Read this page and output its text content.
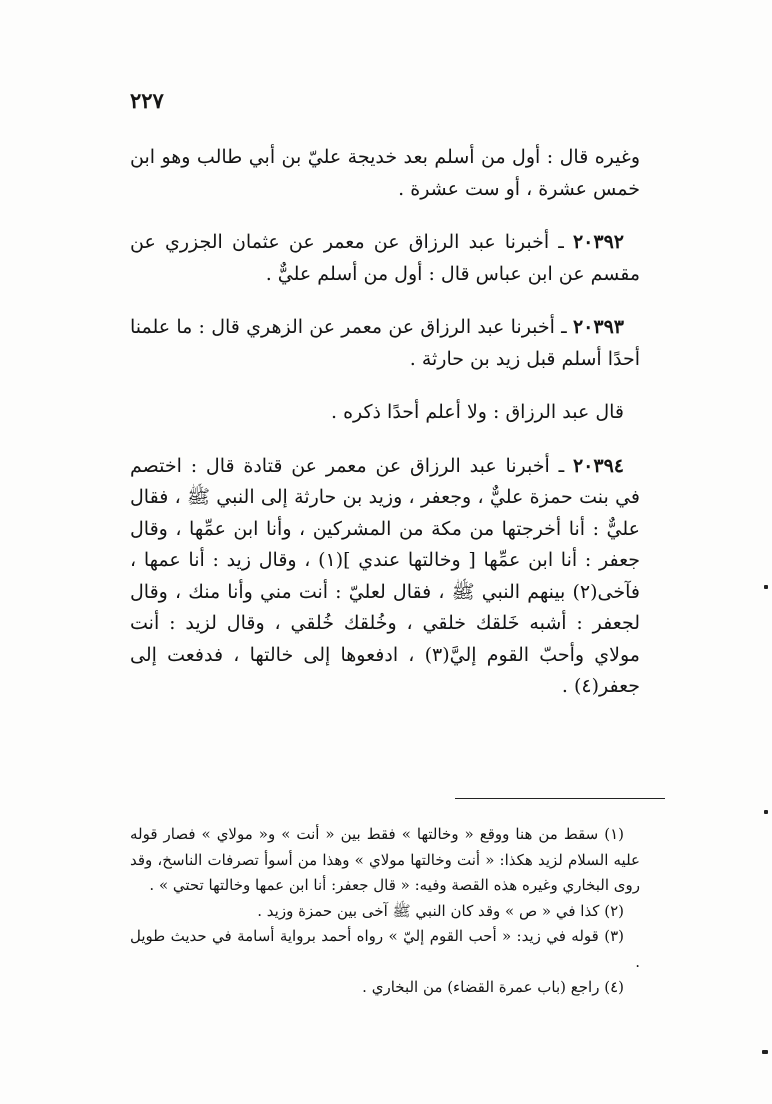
٢٢٧

وغيره قال : أول من أسلم بعد خديجة عليّ بن أبي طالب وهو ابن خمس عشرة ، أو ست عشرة .

٢٠٣٩٢ ـ أخبرنا عبد الرزاق عن معمر عن عثمان الجزري عن مقسم عن ابن عباس قال : أول من أسلم عليٌّ .

٢٠٣٩٣ ـ أخبرنا عبد الرزاق عن معمر عن الزهري قال : ما علمنا أحدًا أسلم قبل زيد بن حارثة .

قال عبد الرزاق : ولا أعلم أحدًا ذكره .

٢٠٣٩٤ ـ أخبرنا عبد الرزاق عن معمر عن قتادة قال : اختصم في بنت حمزة عليٌّ ، وجعفر ، وزيد بن حارثة إلى النبي ﷺ ، فقال عليٌّ : أنا أخرجتها من مكة من المشركين ، وأنا ابن عمِّها ، وقال جعفر : أنا ابن عمِّها [ وخالتها عندي ](١) ، وقال زيد : أنا عمها ، فآخى(٢) بينهم النبي ﷺ ، فقال لعليّ : أنت مني وأنا منك ، وقال لجعفر : أشبه خَلقك خلقي ، وخُلقك خُلقي ، وقال لزيد : أنت مولاي وأحبّ القوم إليَّ(٣) ، ادفعوها إلى خالتها ، فدفعت إلى جعفر(٤) .

(١) سقط من هنا ووقع « وخالتها » فقط بين « أنت » و« مولاي » فصار قوله عليه السلام لزيد هكذا: « أنت وخالتها مولاي » وهذا من أسوأ تصرفات الناسخ، وقد روى البخاري وغيره هذه القصة وفيه: « قال جعفر: أنا ابن عمها وخالتها تحتي » .

(٢) كذا في « ص » وقد كان النبي ﷺ آخى بين حمزة وزيد .

(٣) قوله في زيد: « أحب القوم إليّ » رواه أحمد برواية أسامة في حديث طويل .

(٤) راجع (باب عمرة القضاء) من البخاري .
